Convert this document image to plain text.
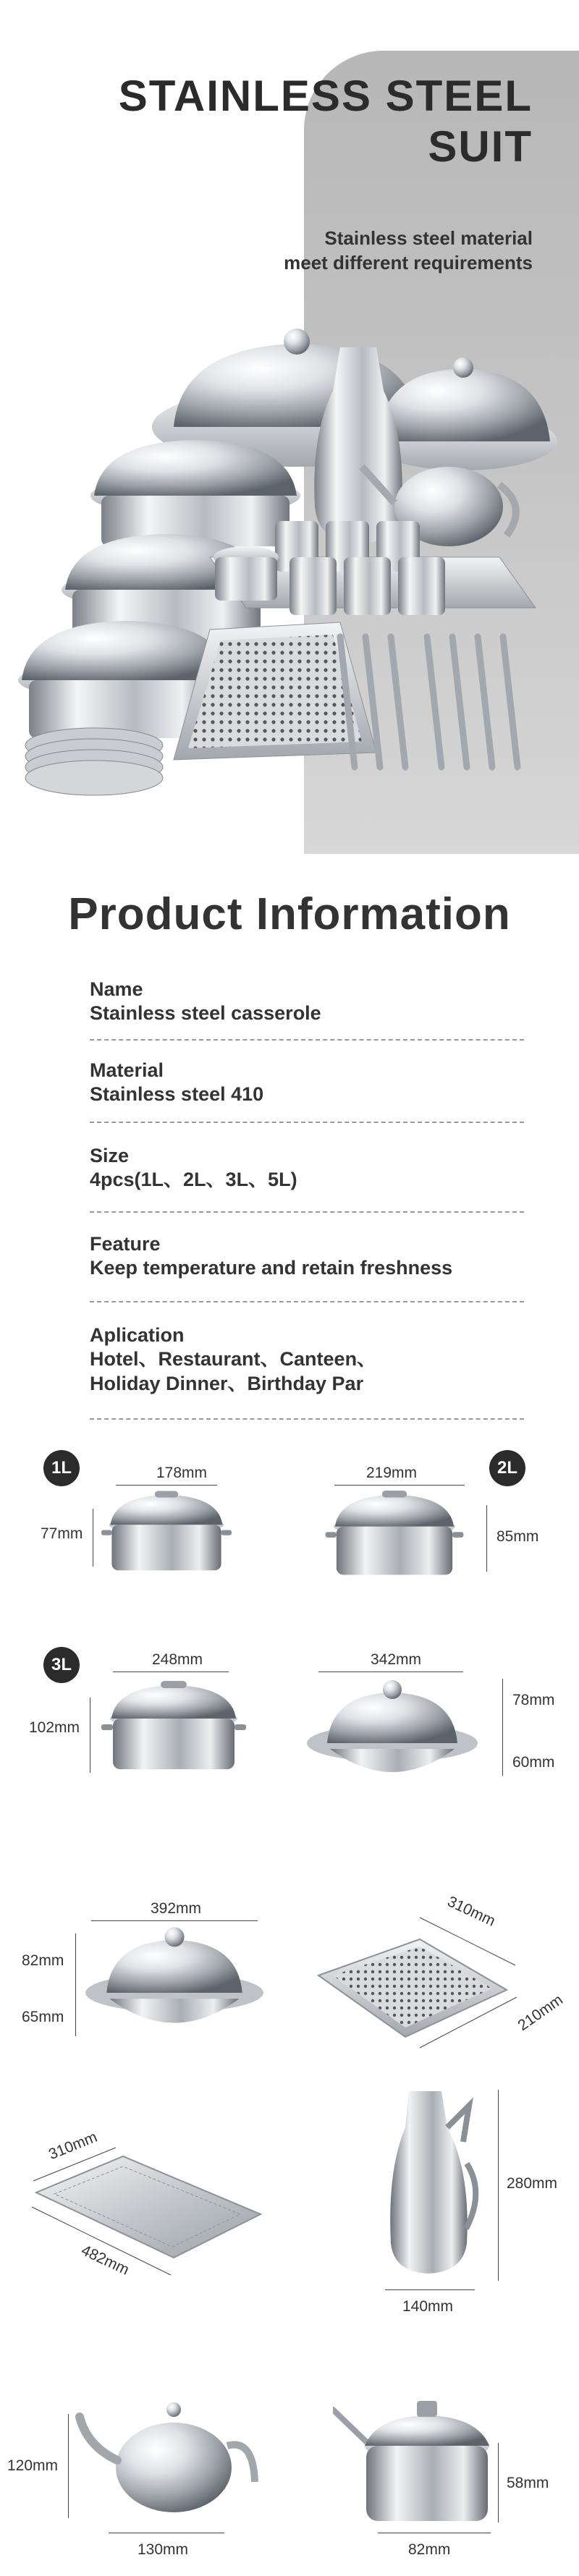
STAINLESS STEEL
SUIT
Stainless steel material
meet different requirements
Product Information
Name
Stainless steel casserole
Material
Stainless steel 410
Size
4pcs(1L、2L、3L、5L)
Feature
Keep temperature and retain freshness
Aplication
Hotel、Restaurant、Canteen、
Holiday Dinner、Birthday Par
1L	178mm
77mm
2L
219mm
85mm
3L	248mm
102mm
342mm
78mm
60mm
392mm
82mm
65mm
310mm
210mm
310mm
482mm
280mm
140mm
120mm
130mm
58mm
82mm
